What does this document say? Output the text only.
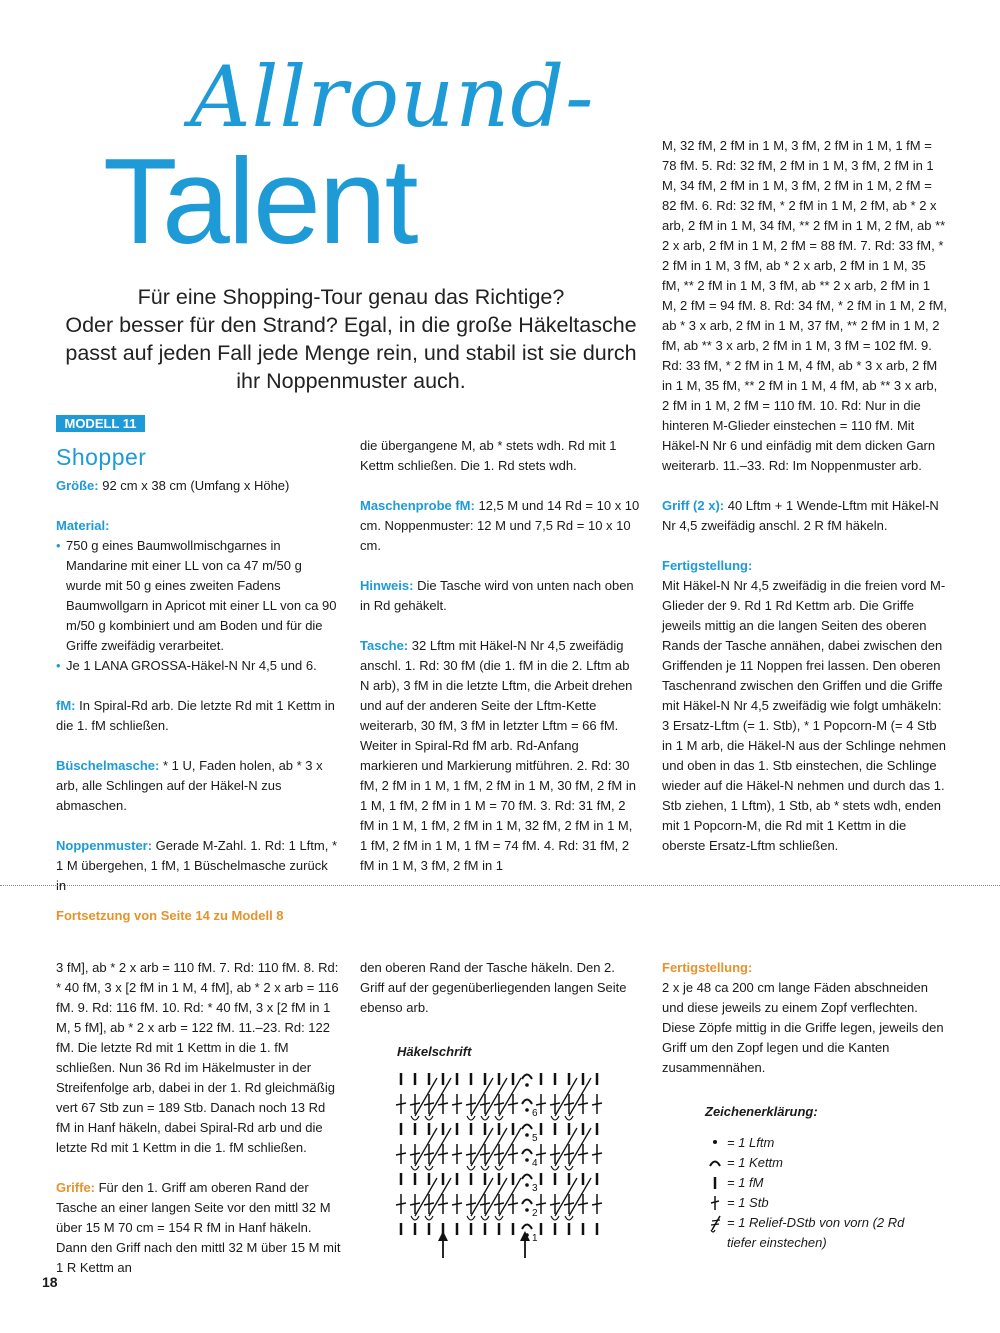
Allround-
Talent
Für eine Shopping-Tour genau das Richtige?
Oder besser für den Strand? Egal, in die große Häkeltasche
passt auf jeden Fall jede Menge rein, und stabil ist sie durch
ihr Noppenmuster auch.
MODELL 11
Shopper

Größe: 92 cm x 38 cm (Umfang x Höhe)

Material:
• 750 g eines Baumwollmischgarnes in Mandarine mit einer LL von ca 47 m/50 g wurde mit 50 g eines zweiten Fadens Baumwollgarn in Apricot mit einer LL von ca 90 m/50 g kombiniert und am Boden und für die Griffe zweifädig verarbeitet.
• Je 1 LANA GROSSA-Häkel-N Nr 4,5 und 6.

fM: In Spiral-Rd arb. Die letzte Rd mit 1 Kettm in die 1. fM schließen.

Büschelmasche: * 1 U, Faden holen, ab * 3 x arb, alle Schlingen auf der Häkel-N zus abmaschen.

Noppenmuster: Gerade M-Zahl. 1. Rd: 1 Lftm, * 1 M übergehen, 1 fM, 1 Büschelmasche zurück in

die übergangene M, ab * stets wdh. Rd mit 1 Kettm schließen. Die 1. Rd stets wdh.

Maschenprobe fM: 12,5 M und 14 Rd = 10 x 10 cm. Noppenmuster: 12 M und 7,5 Rd = 10 x 10 cm.

Hinweis: Die Tasche wird von unten nach oben in Rd gehäkelt.

Tasche: 32 Lftm mit Häkel-N Nr 4,5 zweifädig anschl. 1. Rd: 30 fM (die 1. fM in die 2. Lftm ab N arb), 3 fM in die letzte Lftm, die Arbeit drehen und auf der anderen Seite der Lftm-Kette weiterarb, 30 fM, 3 fM in letzter Lftm = 66 fM. Weiter in Spiral-Rd fM arb. Rd-Anfang markieren und Markierung mitführen. 2. Rd: 30 fM, 2 fM in 1 M, 1 fM, 2 fM in 1 M, 30 fM, 2 fM in 1 M, 1 fM, 2 fM in 1 M = 70 fM. 3. Rd: 31 fM, 2 fM in 1 M, 1 fM, 2 fM in 1 M, 32 fM, 2 fM in 1 M, 1 fM, 2 fM in 1 M, 1 fM = 74 fM. 4. Rd: 31 fM, 2 fM in 1 M, 3 fM, 2 fM in 1

M, 32 fM, 2 fM in 1 M, 3 fM, 2 fM in 1 M, 1 fM = 78 fM. 5. Rd: 32 fM, 2 fM in 1 M, 3 fM, 2 fM in 1 M, 34 fM, 2 fM in 1 M, 3 fM, 2 fM in 1 M, 2 fM = 82 fM. 6. Rd: 32 fM, * 2 fM in 1 M, 2 fM, ab * 2 x arb, 2 fM in 1 M, 34 fM, ** 2 fM in 1 M, 2 fM, ab ** 2 x arb, 2 fM in 1 M, 2 fM = 88 fM. 7. Rd: 33 fM, * 2 fM in 1 M, 3 fM, ab * 2 x arb, 2 fM in 1 M, 35 fM, ** 2 fM in 1 M, 3 fM, ab ** 2 x arb, 2 fM in 1 M, 2 fM = 94 fM. 8. Rd: 34 fM, * 2 fM in 1 M, 2 fM, ab * 3 x arb, 2 fM in 1 M, 37 fM, ** 2 fM in 1 M, 2 fM, ab ** 3 x arb, 2 fM in 1 M, 3 fM = 102 fM. 9. Rd: 33 fM, * 2 fM in 1 M, 4 fM, ab * 3 x arb, 2 fM in 1 M, 35 fM, ** 2 fM in 1 M, 4 fM, ab ** 3 x arb, 2 fM in 1 M, 2 fM = 110 fM. 10. Rd: Nur in die hinteren M-Glieder einstechen = 110 fM. Mit Häkel-N Nr 6 und einfädig mit dem dicken Garn weiterarb. 11.–33. Rd: Im Noppenmuster arb.

Griff (2 x): 40 Lftm + 1 Wende-Lftm mit Häkel-N Nr 4,5 zweifädig anschl. 2 R fM häkeln.

Fertigstellung:

Mit Häkel-N Nr 4,5 zweifädig in die freien vord M-Glieder der 9. Rd 1 Rd Kettm arb. Die Griffe jeweils mittig an die langen Seiten des oberen Rands der Tasche annähen, dabei zwischen den Griffenden je 11 Noppen frei lassen. Den oberen Taschenrand zwischen den Griffen und die Griffe mit Häkel-N Nr 4,5 zweifädig wie folgt umhäkeln: 3 Ersatz-Lftm (= 1. Stb), * 1 Popcorn-M (= 4 Stb in 1 M arb, die Häkel-N aus der Schlinge nehmen und oben in das 1. Stb einstechen, die Schlinge wieder auf die Häkel-N nehmen und durch das 1. Stb ziehen, 1 Lftm), 1 Stb, ab * stets wdh, enden mit 1 Popcorn-M, die Rd mit 1 Kettm in die oberste Ersatz-Lftm schließen.

Fortsetzung von Seite 14 zu Modell 8

3 fM], ab * 2 x arb = 110 fM. 7. Rd: 110 fM. 8. Rd: * 40 fM, 3 x [2 fM in 1 M, 4 fM], ab * 2 x arb = 116 fM. 9. Rd: 116 fM. 10. Rd: * 40 fM, 3 x [2 fM in 1 M, 5 fM], ab * 2 x arb = 122 fM. 11.–23. Rd: 122 fM. Die letzte Rd mit 1 Kettm in die 1. fM schließen. Nun 36 Rd im Häkelmuster in der Streifenfolge arb, dabei in der 1. Rd gleichmäßig vert 67 Stb zun = 189 Stb. Danach noch 13 Rd fM in Hanf häkeln, dabei Spiral-Rd arb und die letzte Rd mit 1 Kettm in die 1. fM schließen.

Griffe: Für den 1. Griff am oberen Rand der Tasche an einer langen Seite vor den mittl 32 M über 15 M 70 cm = 154 R fM in Hanf häkeln. Dann den Griff nach den mittl 32 M über 15 M mit 1 R Kettm an

den oberen Rand der Tasche häkeln. Den 2. Griff auf der gegenüberliegenden langen Seite ebenso arb.

Fertigstellung:

2 x je 48 ca 200 cm lange Fäden abschneiden und diese jeweils zu einem Zopf verflechten. Diese Zöpfe mittig in die Griffe legen, jeweils den Griff um den Zopf legen und die Kanten zusammennähen.

Häkelschrift
1
2
3
4
5
6	Zeichenerklärung:
= 1 Lftm
= 1 Kettm
= 1 fM
= 1 Stb
= 1 Relief-DStb von vorn (2 Rd
tiefer einstechen)
18
